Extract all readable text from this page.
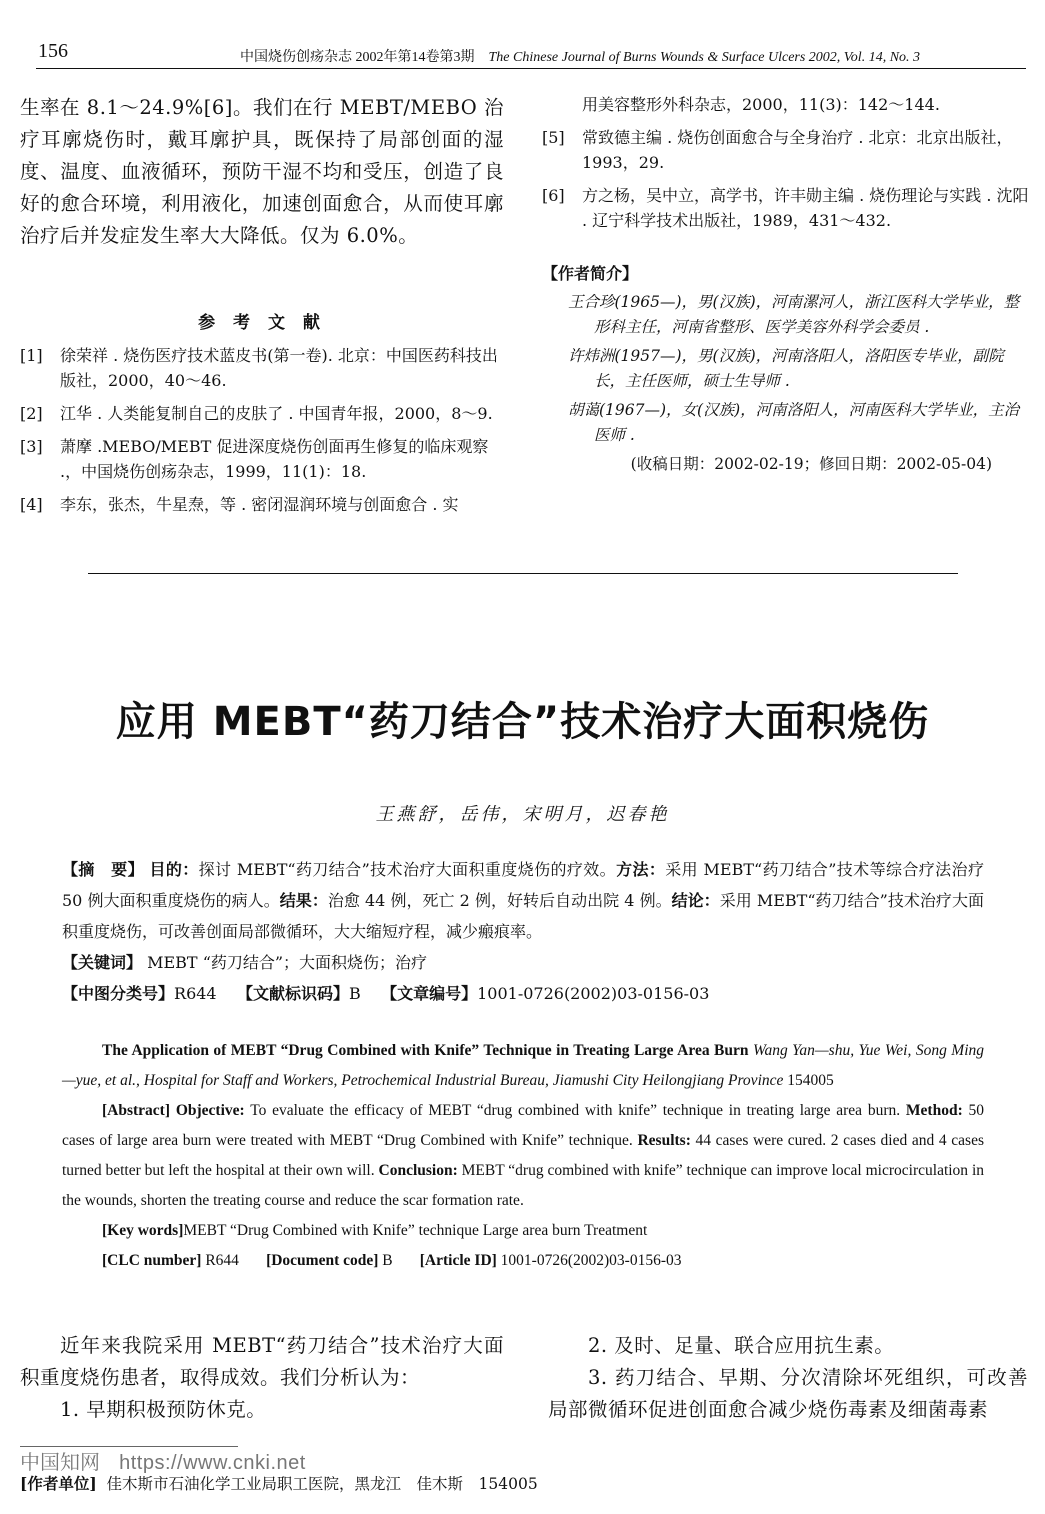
156	中国烧伤创疡杂志 2002年第14卷第3期 The Chinese Journal of Burns Wounds & Surface Ulcers 2002, Vol. 14, No. 3

生率在 8.1～24.9%[6]。我们在行 MEBT/MEBO 治疗耳廓烧伤时，戴耳廓护具，既保持了局部创面的湿度、温度、血液循环，预防干湿不均和受压，创造了良好的愈合环境，利用液化，加速创面愈合，从而使耳廓治疗后并发症发生率大大降低。仅为 6.0%。

参 考 文 献
[1] 徐荣祥 . 烧伤医疗技术蓝皮书(第一卷). 北京：中国医药科技出版社，2000，40～46.
[2] 江华 . 人类能复制自己的皮肤了 . 中国青年报，2000，8～9.
[3] 萧摩 .MEBO/MEBT 促进深度烧伤创面再生修复的临床观察 .，中国烧伤创疡杂志，1999，11(1)：18.
[4] 李东，张杰，牛星焘，等 . 密闭湿润环境与创面愈合 . 实
用美容整形外科杂志，2000，11(3)：142～144.
[5] 常致德主编 . 烧伤创面愈合与全身治疗 . 北京：北京出版社，1993，29.
[6] 方之杨，吴中立，高学书，许丰勋主编 . 烧伤理论与实践 . 沈阳 . 辽宁科学技术出版社，1989，431～432.
【作者简介】

王合珍(1965—)，男(汉族)，河南漯河人，浙江医科大学毕业，整形科主任，河南省整形、医学美容外科学会委员 .

许炜洲(1957—)，男(汉族)，河南洛阳人，洛阳医专毕业，副院长，主任医师，硕士生导师 .

胡蔼(1967—)，女(汉族)，河南洛阳人，河南医科大学毕业，主治医师 .

(收稿日期：2002-02-19；修回日期：2002-05-04)
应用 MEBT“药刀结合”技术治疗大面积烧伤
王燕舒，岳伟，宋明月，迟春艳

【摘　要】 目的：探讨 MEBT“药刀结合”技术治疗大面积重度烧伤的疗效。方法：采用 MEBT“药刀结合”技术等综合疗法治疗 50 例大面积重度烧伤的病人。结果：治愈 44 例，死亡 2 例，好转后自动出院 4 例。结论：采用 MEBT“药刀结合”技术治疗大面积重度烧伤，可改善创面局部微循环，大大缩短疗程，减少瘢痕率。

【关键词】 MEBT “药刀结合”；大面积烧伤；治疗

【中图分类号】R644 【文献标识码】B 【文章编号】1001-0726(2002)03-0156-03

The Application of MEBT “Drug Combined with Knife” Technique in Treating Large Area Burn Wang Yan—shu, Yue Wei, Song Ming—yue, et al., Hospital for Staff and Workers, Petrochemical Industrial Bureau, Jiamushi City Heilongjiang Province 154005

[Abstract] Objective: To evaluate the efficacy of MEBT “drug combined with knife” technique in treating large area burn. Method: 50 cases of large area burn were treated with MEBT “Drug Combined with Knife” technique. Results: 44 cases were cured. 2 cases died and 4 cases turned better but left the hospital at their own will. Conclusion: MEBT “drug combined with knife” technique can improve local microcirculation in the wounds, shorten the treating course and reduce the scar formation rate.

[Key words]MEBT “Drug Combined with Knife” technique Large area burn Treatment

[CLC number] R644 [Document code] B [Article ID] 1001-0726(2002)03-0156-03

近年来我院采用 MEBT“药刀结合”技术治疗大面积重度烧伤患者，取得成效。我们分析认为：

1. 早期积极预防休克。

2. 及时、足量、联合应用抗生素。

3. 药刀结合、早期、分次清除坏死组织，可改善局部微循环促进创面愈合减少烧伤毒素及细菌毒素

中国知网 https://www.cnki.net
[作者单位] 佳木斯市石油化学工业局职工医院，黑龙江　佳木斯　154005
